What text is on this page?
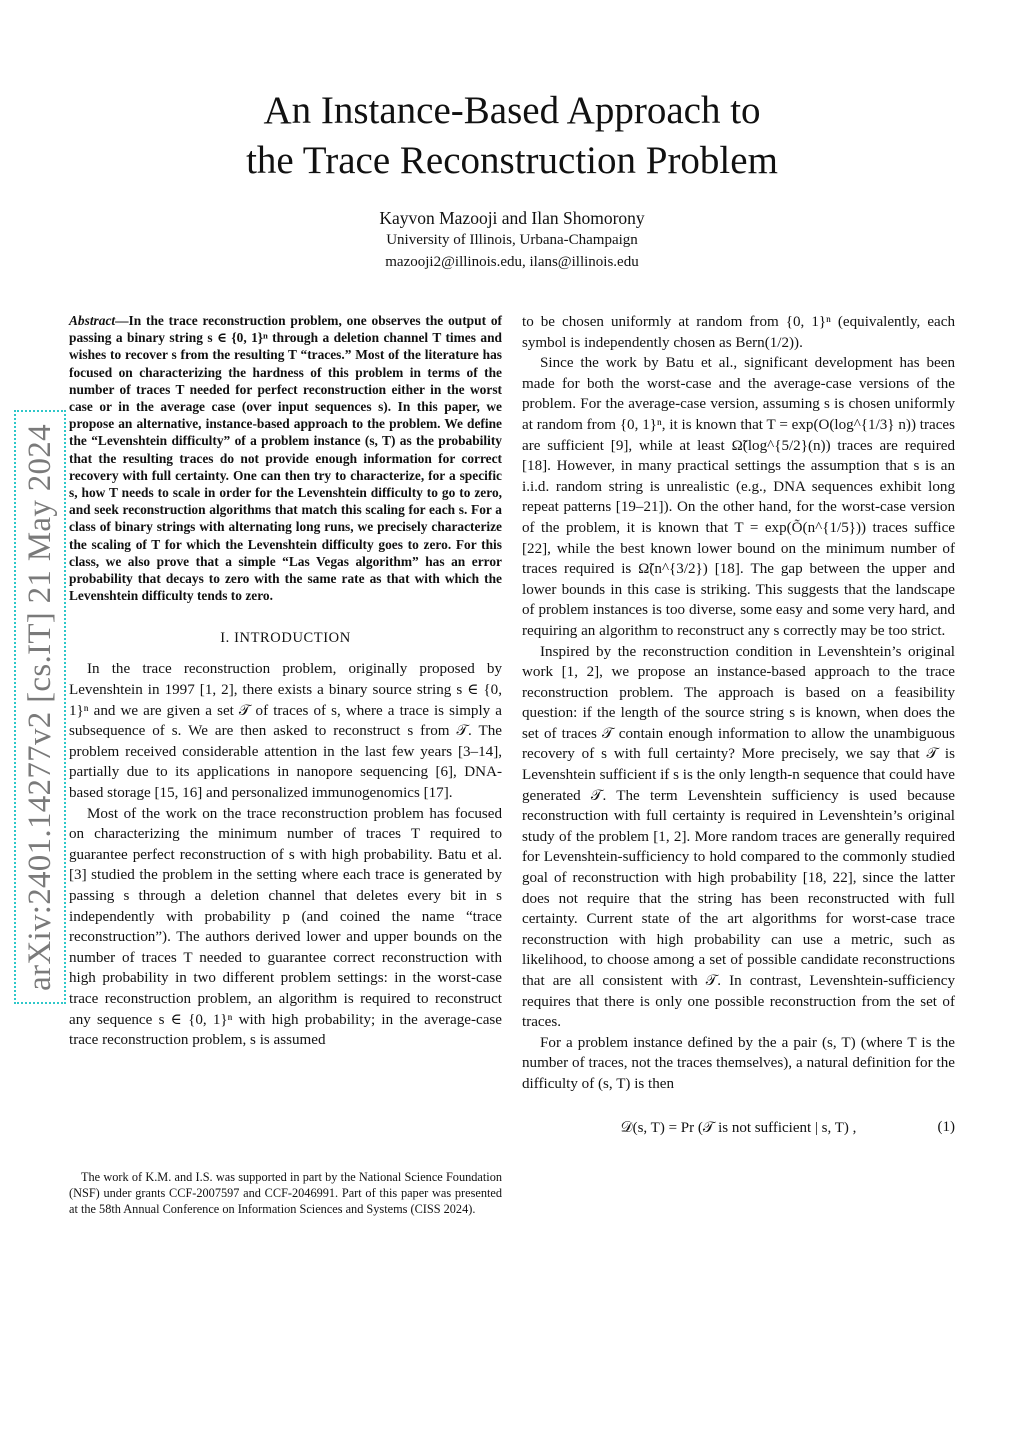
arXiv:2401.14277v2 [cs.IT] 21 May 2024
An Instance-Based Approach to
the Trace Reconstruction Problem
Kayvon Mazooji and Ilan Shomorony
University of Illinois, Urbana-Champaign
mazooji2@illinois.edu, ilans@illinois.edu

Abstract—In the trace reconstruction problem, one observes the output of passing a binary string s ∈ {0, 1}ⁿ through a deletion channel T times and wishes to recover s from the resulting T “traces.” Most of the literature has focused on characterizing the hardness of this problem in terms of the number of traces T needed for perfect reconstruction either in the worst case or in the average case (over input sequences s). In this paper, we propose an alternative, instance-based approach to the problem. We define the “Levenshtein difficulty” of a problem instance (s, T) as the probability that the resulting traces do not provide enough information for correct recovery with full certainty. One can then try to characterize, for a specific s, how T needs to scale in order for the Levenshtein difficulty to go to zero, and seek reconstruction algorithms that match this scaling for each s. For a class of binary strings with alternating long runs, we precisely characterize the scaling of T for which the Levenshtein difficulty goes to zero. For this class, we also prove that a simple “Las Vegas algorithm” has an error probability that decays to zero with the same rate as that with which the Levenshtein difficulty tends to zero.

I. INTRODUCTION

In the trace reconstruction problem, originally proposed by Levenshtein in 1997 [1, 2], there exists a binary source string s ∈ {0, 1}ⁿ and we are given a set 𝒯 of traces of s, where a trace is simply a subsequence of s. We are then asked to reconstruct s from 𝒯. The problem received considerable attention in the last few years [3–14], partially due to its applications in nanopore sequencing [6], DNA-based storage [15, 16] and personalized immunogenomics [17].

Most of the work on the trace reconstruction problem has focused on characterizing the minimum number of traces T required to guarantee perfect reconstruction of s with high probability. Batu et al. [3] studied the problem in the setting where each trace is generated by passing s through a deletion channel that deletes every bit in s independently with probability p (and coined the name “trace reconstruction”). The authors derived lower and upper bounds on the number of traces T needed to guarantee correct reconstruction with high probability in two different problem settings: in the worst-case trace reconstruction problem, an algorithm is required to reconstruct any sequence s ∈ {0, 1}ⁿ with high probability; in the average-case trace reconstruction problem, s is assumed

The work of K.M. and I.S. was supported in part by the National Science Foundation (NSF) under grants CCF-2007597 and CCF-2046991. Part of this paper was presented at the 58th Annual Conference on Information Sciences and Systems (CISS 2024).

to be chosen uniformly at random from {0, 1}ⁿ (equivalently, each symbol is independently chosen as Bern(1/2)).

Since the work by Batu et al., significant development has been made for both the worst-case and the average-case versions of the problem. For the average-case version, assuming s is chosen uniformly at random from {0, 1}ⁿ, it is known that T = exp(O(log^{1/3} n)) traces are sufficient [9], while at least Ω̃(log^{5/2}(n)) traces are required [18]. However, in many practical settings the assumption that s is an i.i.d. random string is unrealistic (e.g., DNA sequences exhibit long repeat patterns [19–21]). On the other hand, for the worst-case version of the problem, it is known that T = exp(Õ(n^{1/5})) traces suffice [22], while the best known lower bound on the minimum number of traces required is Ω̃(n^{3/2}) [18]. The gap between the upper and lower bounds in this case is striking. This suggests that the landscape of problem instances is too diverse, some easy and some very hard, and requiring an algorithm to reconstruct any s correctly may be too strict.

Inspired by the reconstruction condition in Levenshtein’s original work [1, 2], we propose an instance-based approach to the trace reconstruction problem. The approach is based on a feasibility question: if the length of the source string s is known, when does the set of traces 𝒯 contain enough information to allow the unambiguous recovery of s with full certainty? More precisely, we say that 𝒯 is Levenshtein sufficient if s is the only length-n sequence that could have generated 𝒯. The term Levenshtein sufficiency is used because reconstruction with full certainty is required in Levenshtein’s original study of the problem [1, 2]. More random traces are generally required for Levenshtein-sufficiency to hold compared to the commonly studied goal of reconstruction with high probability [18, 22], since the latter does not require that the string has been reconstructed with full certainty. Current state of the art algorithms for worst-case trace reconstruction with high probability can use a metric, such as likelihood, to choose among a set of possible candidate reconstructions that are all consistent with 𝒯. In contrast, Levenshtein-sufficiency requires that there is only one possible reconstruction from the set of traces.

For a problem instance defined by the a pair (s, T) (where T is the number of traces, not the traces themselves), a natural definition for the difficulty of (s, T) is then

𝒟(s, T) = Pr (𝒯 is not sufficient | s, T) ,	(1)
